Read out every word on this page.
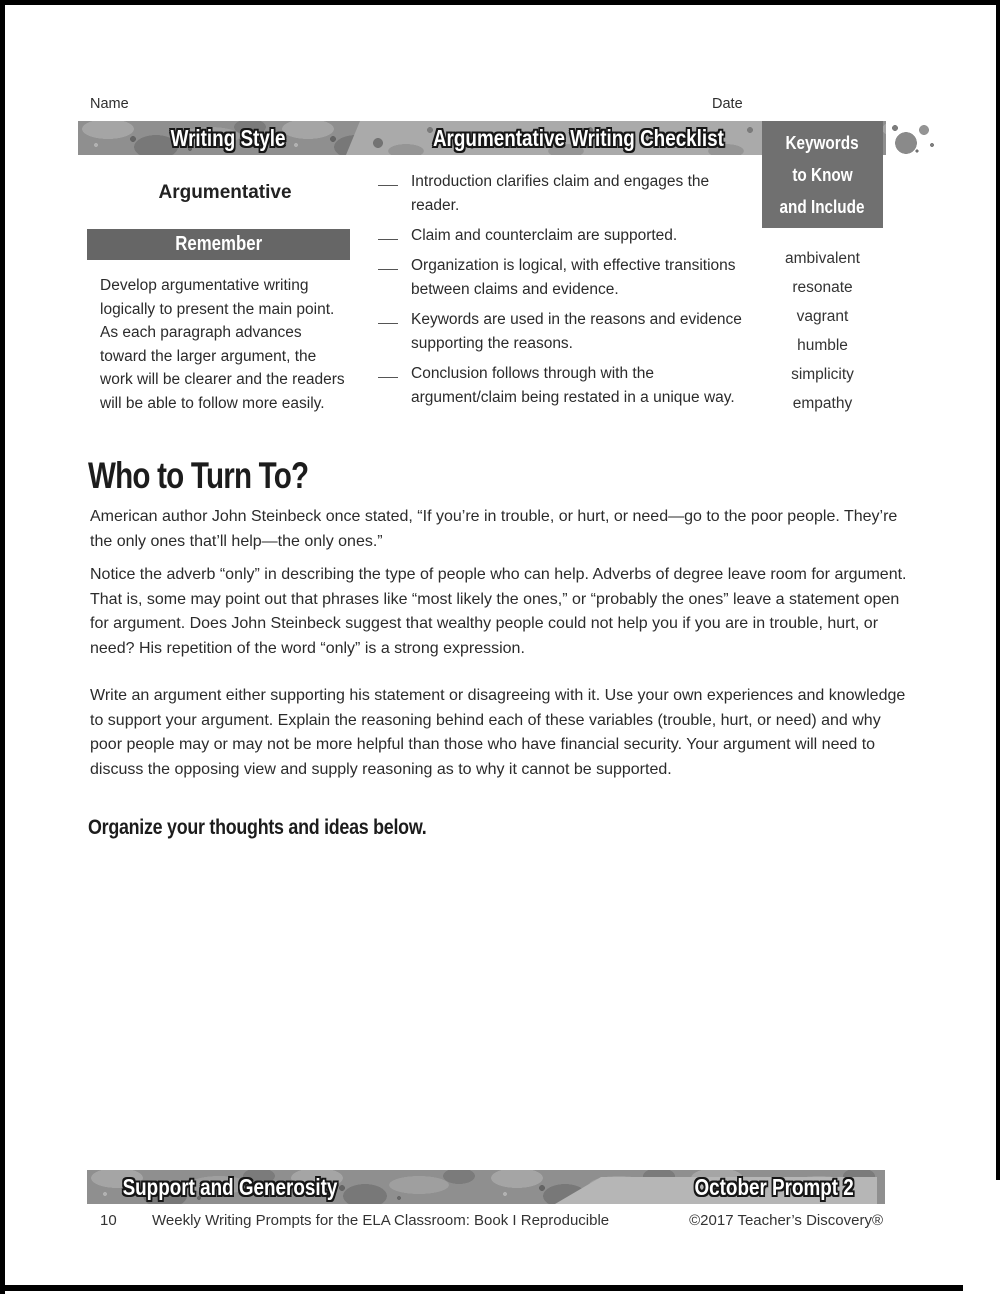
Name	Date
Writing Style	Argumentative Writing Checklist	Keywords
to Know
and Include
ambivalent
resonate
vagrant
humble
simplicity
empathy
Argumentative
Remember

Develop argumentative writing logically to present the main point. As each paragraph advances toward the larger argument, the work will be clearer and the readers will be able to follow more easily.

Introduction clarifies claim and engages the reader.
Claim and counterclaim are supported.
Organization is logical, with effective transitions between claims and evidence.
Keywords are used in the reasons and evidence supporting the reasons.
Conclusion follows through with the argument/claim being restated in a unique way.
Who to Turn To?

American author John Steinbeck once stated, “If you’re in trouble, or hurt, or need—go to the poor people. They’re the only ones that’ll help—the only ones.”

Notice the adverb “only” in describing the type of people who can help. Adverbs of degree leave room for argument. That is, some may point out that phrases like “most likely the ones,” or “probably the ones” leave a statement open for argument. Does John Steinbeck suggest that wealthy people could not help you if you are in trouble, hurt, or need? His repetition of the word “only” is a strong expression.

Write an argument either supporting his statement or disagreeing with it. Use your own experiences and knowledge to support your argument. Explain the reasoning behind each of these variables (trouble, hurt, or need) and why poor people may or may not be more helpful than those who have financial security. Your argument will need to discuss the opposing view and supply reasoning as to why it cannot be supported.

Organize your thoughts and ideas below.
Support and Generosity	October Prompt 2
10 Weekly Writing Prompts for the ELA Classroom: Book I Reproducible	©2017 Teacher’s Discovery®
